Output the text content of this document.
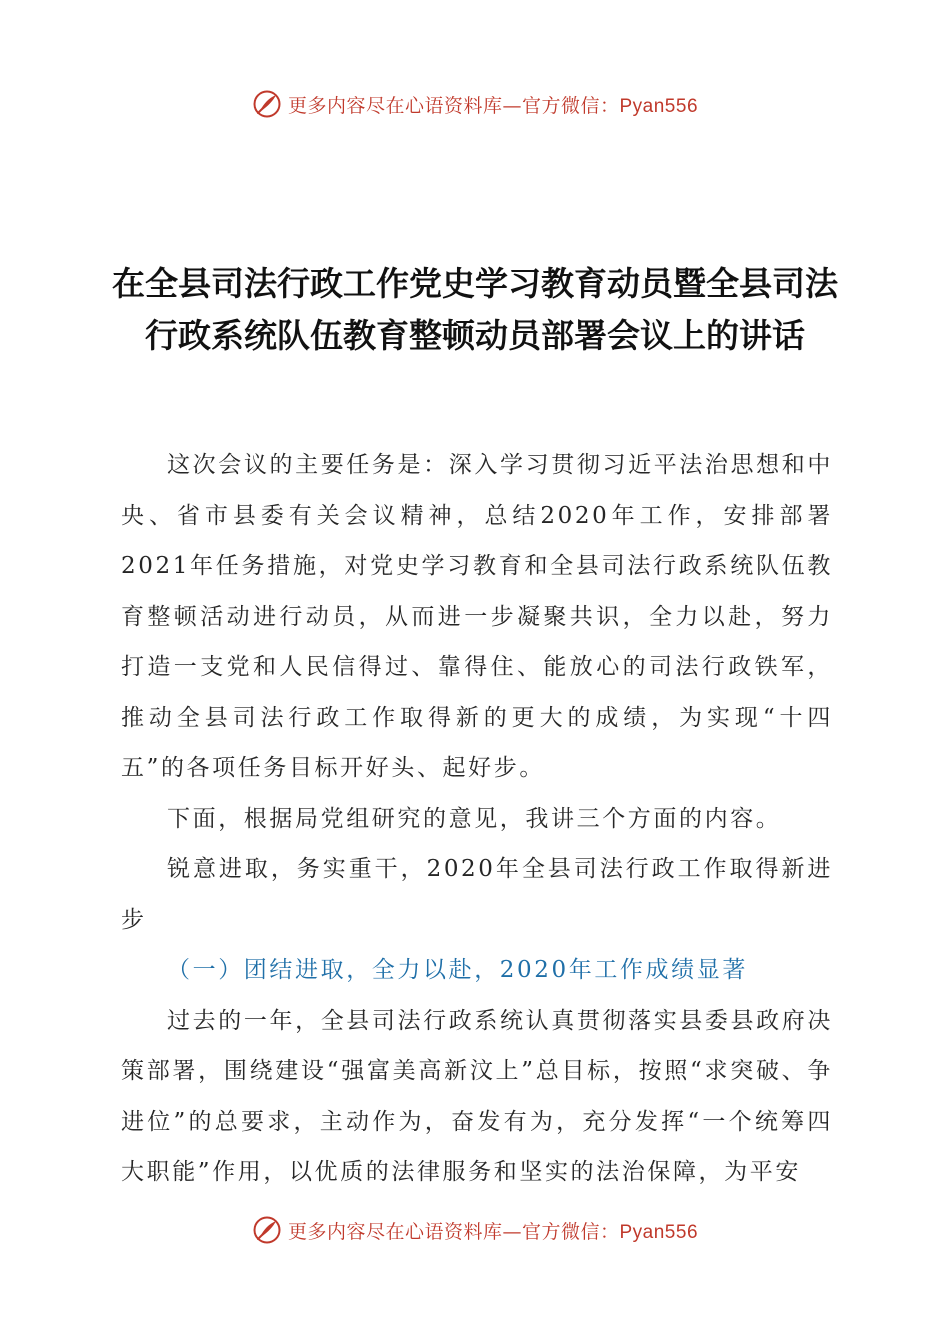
更多内容尽在心语资料库—官方微信：Pyan556
在全县司法行政工作党史学习教育动员暨全县司法行政系统队伍教育整顿动员部署会议上的讲话

这次会议的主要任务是：深入学习贯彻习近平法治思想和中央、省市县委有关会议精神，总结2020年工作，安排部署2021年任务措施，对党史学习教育和全县司法行政系统队伍教育整顿活动进行动员，从而进一步凝聚共识，全力以赴，努力打造一支党和人民信得过、靠得住、能放心的司法行政铁军，推动全县司法行政工作取得新的更大的成绩，为实现“十四五”的各项任务目标开好头、起好步。

下面，根据局党组研究的意见，我讲三个方面的内容。

锐意进取，务实重干，2020年全县司法行政工作取得新进步

（一）团结进取，全力以赴，2020年工作成绩显著

过去的一年，全县司法行政系统认真贯彻落实县委县政府决策部署，围绕建设“强富美高新汶上”总目标，按照“求突破、争进位”的总要求，主动作为，奋发有为，充分发挥“一个统筹四大职能”作用，以优质的法律服务和坚实的法治保障，为平安

更多内容尽在心语资料库—官方微信：Pyan556
